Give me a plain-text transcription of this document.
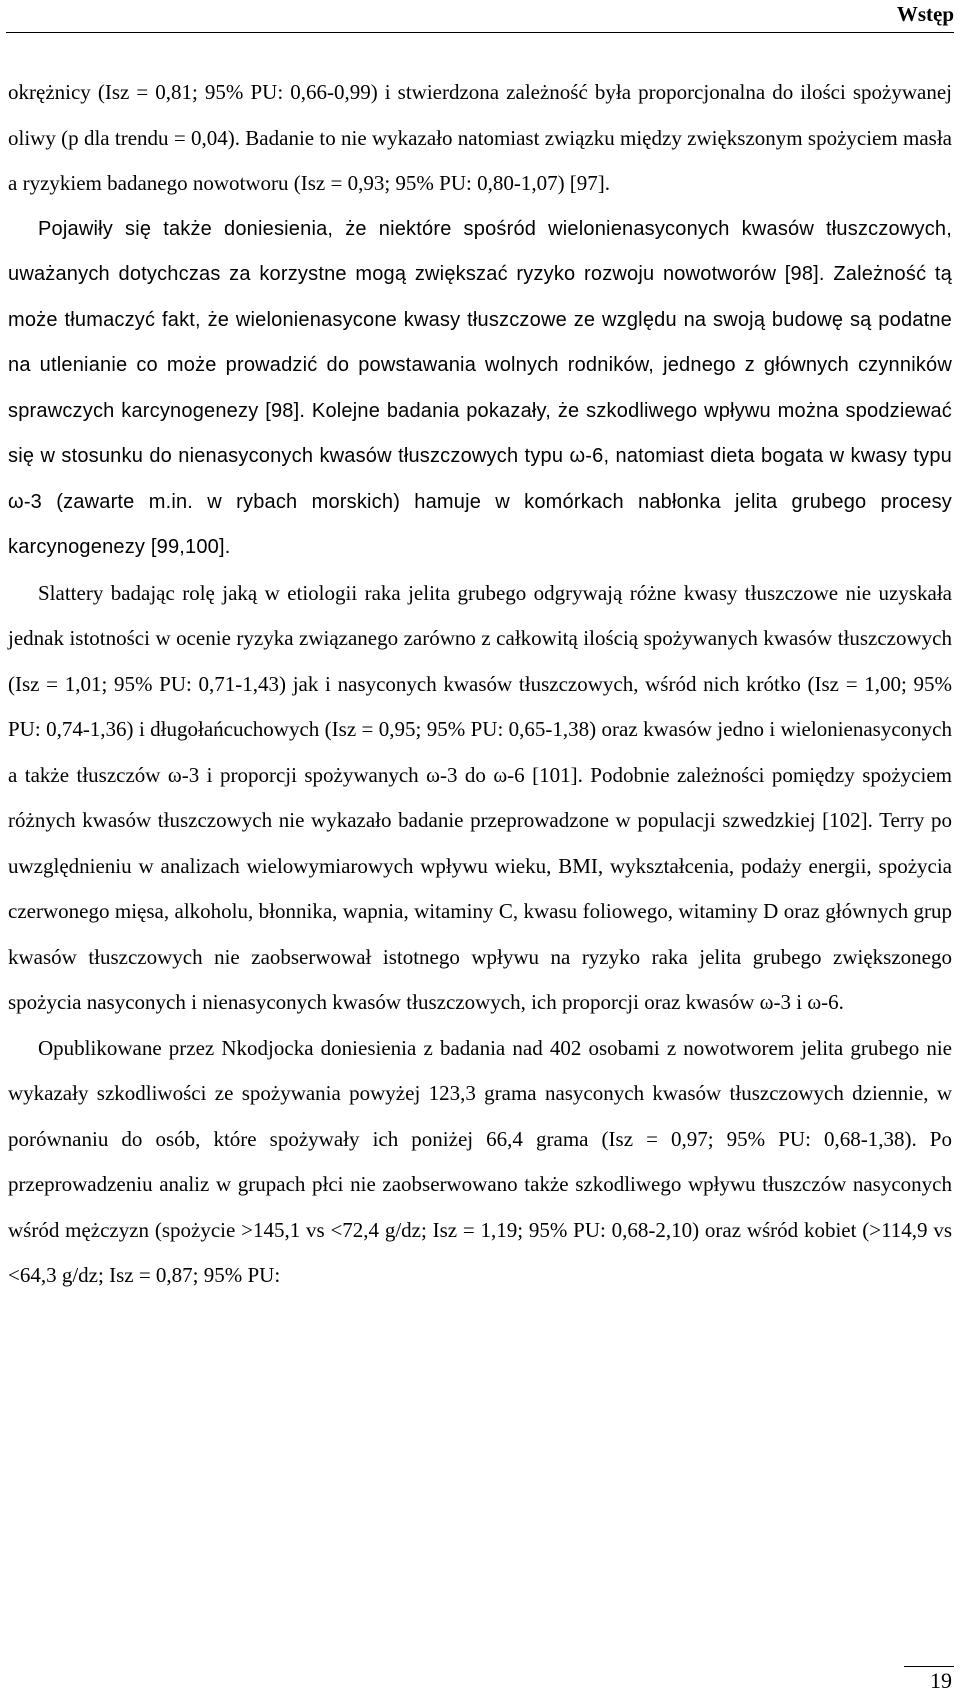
Wstęp

okrężnicy (Isz = 0,81; 95% PU: 0,66-0,99) i stwierdzona zależność była proporcjonalna do ilości spożywanej oliwy (p dla trendu = 0,04). Badanie to nie wykazało natomiast związku między zwiększonym spożyciem masła a ryzykiem badanego nowotworu (Isz = 0,93; 95% PU: 0,80-1,07) [97].

Pojawiły się także doniesienia, że niektóre spośród wielonienasyconych kwasów tłuszczowych, uważanych dotychczas za korzystne mogą zwiększać ryzyko rozwoju nowotworów [98]. Zależność tą może tłumaczyć fakt, że wielonienasycone kwasy tłuszczowe ze względu na swoją budowę są podatne na utlenianie co może prowadzić do powstawania wolnych rodników, jednego z głównych czynników sprawczych karcynogenezy [98]. Kolejne badania pokazały, że szkodliwego wpływu można spodziewać się w stosunku do nienasyconych kwasów tłuszczowych typu ω-6, natomiast dieta bogata w kwasy typu ω-3 (zawarte m.in. w rybach morskich) hamuje w komórkach nabłonka jelita grubego procesy karcynogenezy [99,100].

Slattery badając rolę jaką w etiologii raka jelita grubego odgrywają różne kwasy tłuszczowe nie uzyskała jednak istotności w ocenie ryzyka związanego zarówno z całkowitą ilością spożywanych kwasów tłuszczowych (Isz = 1,01; 95% PU: 0,71-1,43) jak i nasyconych kwasów tłuszczowych, wśród nich krótko (Isz = 1,00; 95% PU: 0,74-1,36) i długołańcuchowych (Isz = 0,95; 95% PU: 0,65-1,38) oraz kwasów jedno i wielonienasyconych a także tłuszczów ω-3 i proporcji spożywanych ω-3 do ω-6 [101]. Podobnie zależności pomiędzy spożyciem różnych kwasów tłuszczowych nie wykazało badanie przeprowadzone w populacji szwedzkiej [102]. Terry po uwzględnieniu w analizach wielowymiarowych wpływu wieku, BMI, wykształcenia, podaży energii, spożycia czerwonego mięsa, alkoholu, błonnika, wapnia, witaminy C, kwasu foliowego, witaminy D oraz głównych grup kwasów tłuszczowych nie zaobserwował istotnego wpływu na ryzyko raka jelita grubego zwiększonego spożycia nasyconych i nienasyconych kwasów tłuszczowych, ich proporcji oraz kwasów ω-3 i ω-6.

Opublikowane przez Nkodjocka doniesienia z badania nad 402 osobami z nowotworem jelita grubego nie wykazały szkodliwości ze spożywania powyżej 123,3 grama nasyconych kwasów tłuszczowych dziennie, w porównaniu do osób, które spożywały ich poniżej 66,4 grama (Isz = 0,97; 95% PU: 0,68-1,38). Po przeprowadzeniu analiz w grupach płci nie zaobserwowano także szkodliwego wpływu tłuszczów nasyconych wśród mężczyzn (spożycie >145,1 vs <72,4 g/dz; Isz = 1,19; 95% PU: 0,68-2,10) oraz wśród kobiet (>114,9 vs <64,3 g/dz; Isz = 0,87; 95% PU:

19
